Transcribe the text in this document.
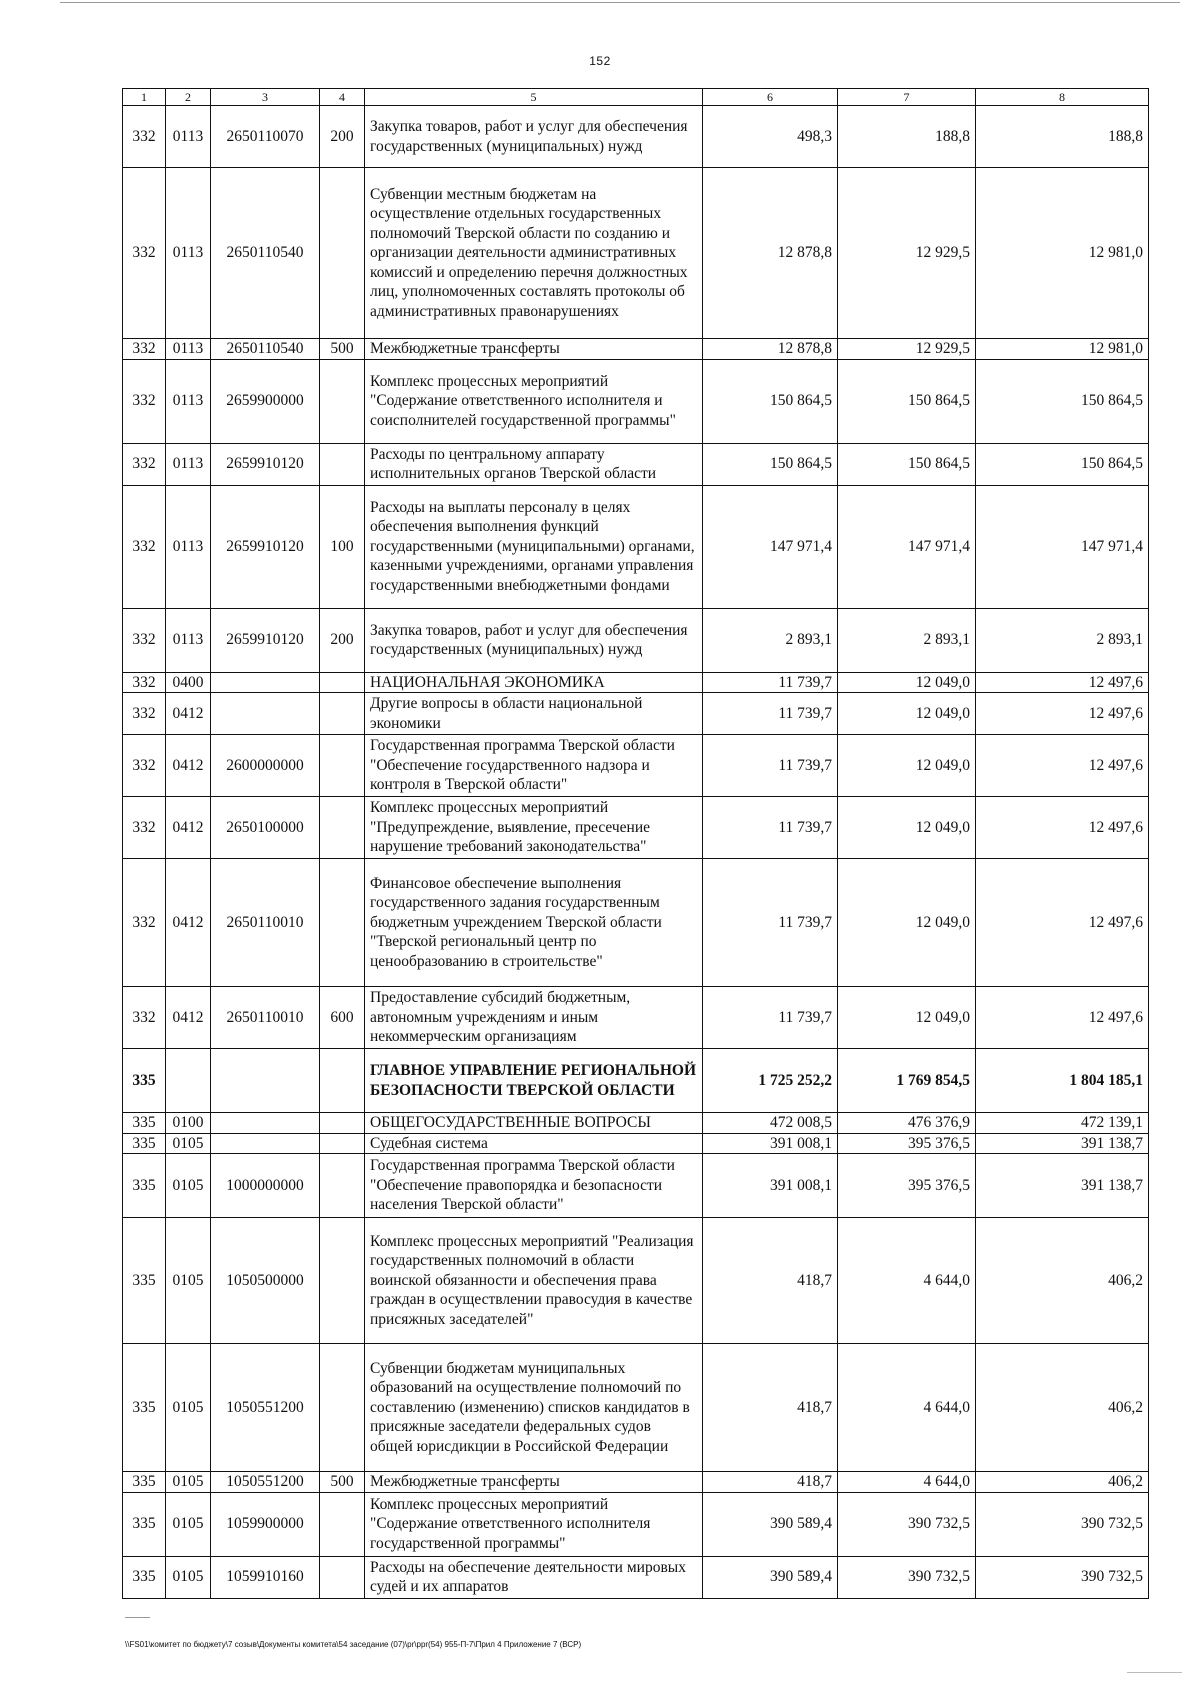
152
1	2	3	4	5	6	7	8
332	0113	2650110070	200	Закупка товаров, работ и услуг для обеспечения государственных (муниципальных) нужд	498,3	188,8	188,8
332	0113	2650110540		Субвенции местным бюджетам на осуществление отдельных государственных полномочий Тверской области по созданию и организации деятельности административных комиссий и определению перечня должностных лиц, уполномоченных составлять протоколы об административных правонарушениях	12 878,8	12 929,5	12 981,0
332	0113	2650110540	500	Межбюджетные трансферты	12 878,8	12 929,5	12 981,0
332	0113	2659900000		Комплекс процессных мероприятий "Содержание ответственного исполнителя и соисполнителей государственной программы"	150 864,5	150 864,5	150 864,5
332	0113	2659910120		Расходы по центральному аппарату исполнительных органов Тверской области	150 864,5	150 864,5	150 864,5
332	0113	2659910120	100	Расходы на выплаты персоналу в целях обеспечения выполнения функций государственными (муниципальными) органами, казенными учреждениями, органами управления государственными внебюджетными фондами	147 971,4	147 971,4	147 971,4
332	0113	2659910120	200	Закупка товаров, работ и услуг для обеспечения государственных (муниципальных) нужд	2 893,1	2 893,1	2 893,1
332	0400			НАЦИОНАЛЬНАЯ ЭКОНОМИКА	11 739,7	12 049,0	12 497,6
332	0412			Другие вопросы в области национальной экономики	11 739,7	12 049,0	12 497,6
332	0412	2600000000		Государственная программа Тверской области "Обеспечение государственного надзора и контроля в Тверской области"	11 739,7	12 049,0	12 497,6
332	0412	2650100000		Комплекс процессных мероприятий "Предупреждение, выявление, пресечение нарушение требований законодательства"	11 739,7	12 049,0	12 497,6
332	0412	2650110010		Финансовое обеспечение выполнения государственного задания государственным бюджетным учреждением Тверской области "Тверской региональный центр по ценообразованию в строительстве"	11 739,7	12 049,0	12 497,6
332	0412	2650110010	600	Предоставление субсидий бюджетным, автономным учреждениям и иным некоммерческим организациям	11 739,7	12 049,0	12 497,6
335				ГЛАВНОЕ УПРАВЛЕНИЕ РЕГИОНАЛЬНОЙ БЕЗОПАСНОСТИ ТВЕРСКОЙ ОБЛАСТИ	1 725 252,2	1 769 854,5	1 804 185,1
335	0100			ОБЩЕГОСУДАРСТВЕННЫЕ ВОПРОСЫ	472 008,5	476 376,9	472 139,1
335	0105			Судебная система	391 008,1	395 376,5	391 138,7
335	0105	1000000000		Государственная программа Тверской области "Обеспечение правопорядка и безопасности населения Тверской области"	391 008,1	395 376,5	391 138,7
335	0105	1050500000		Комплекс процессных мероприятий "Реализация государственных полномочий в области воинской обязанности и обеспечения права граждан в осуществлении правосудия в качестве присяжных заседателей"	418,7	4 644,0	406,2
335	0105	1050551200		Субвенции бюджетам муниципальных образований на осуществление полномочий по составлению (изменению) списков кандидатов в присяжные заседатели федеральных судов общей юрисдикции в Российской Федерации	418,7	4 644,0	406,2
335	0105	1050551200	500	Межбюджетные трансферты	418,7	4 644,0	406,2
335	0105	1059900000		Комплекс процессных мероприятий "Содержание ответственного исполнителя государственной программы"	390 589,4	390 732,5	390 732,5
335	0105	1059910160		Расходы на обеспечение деятельности мировых судей и их аппаратов	390 589,4	390 732,5	390 732,5
\\FS01\комитет по бюджету\7 созыв\Документы комитета\54 заседание (07)\pr\ppr(54) 955-П-7\Прил 4 Приложение 7 (ВСР)
